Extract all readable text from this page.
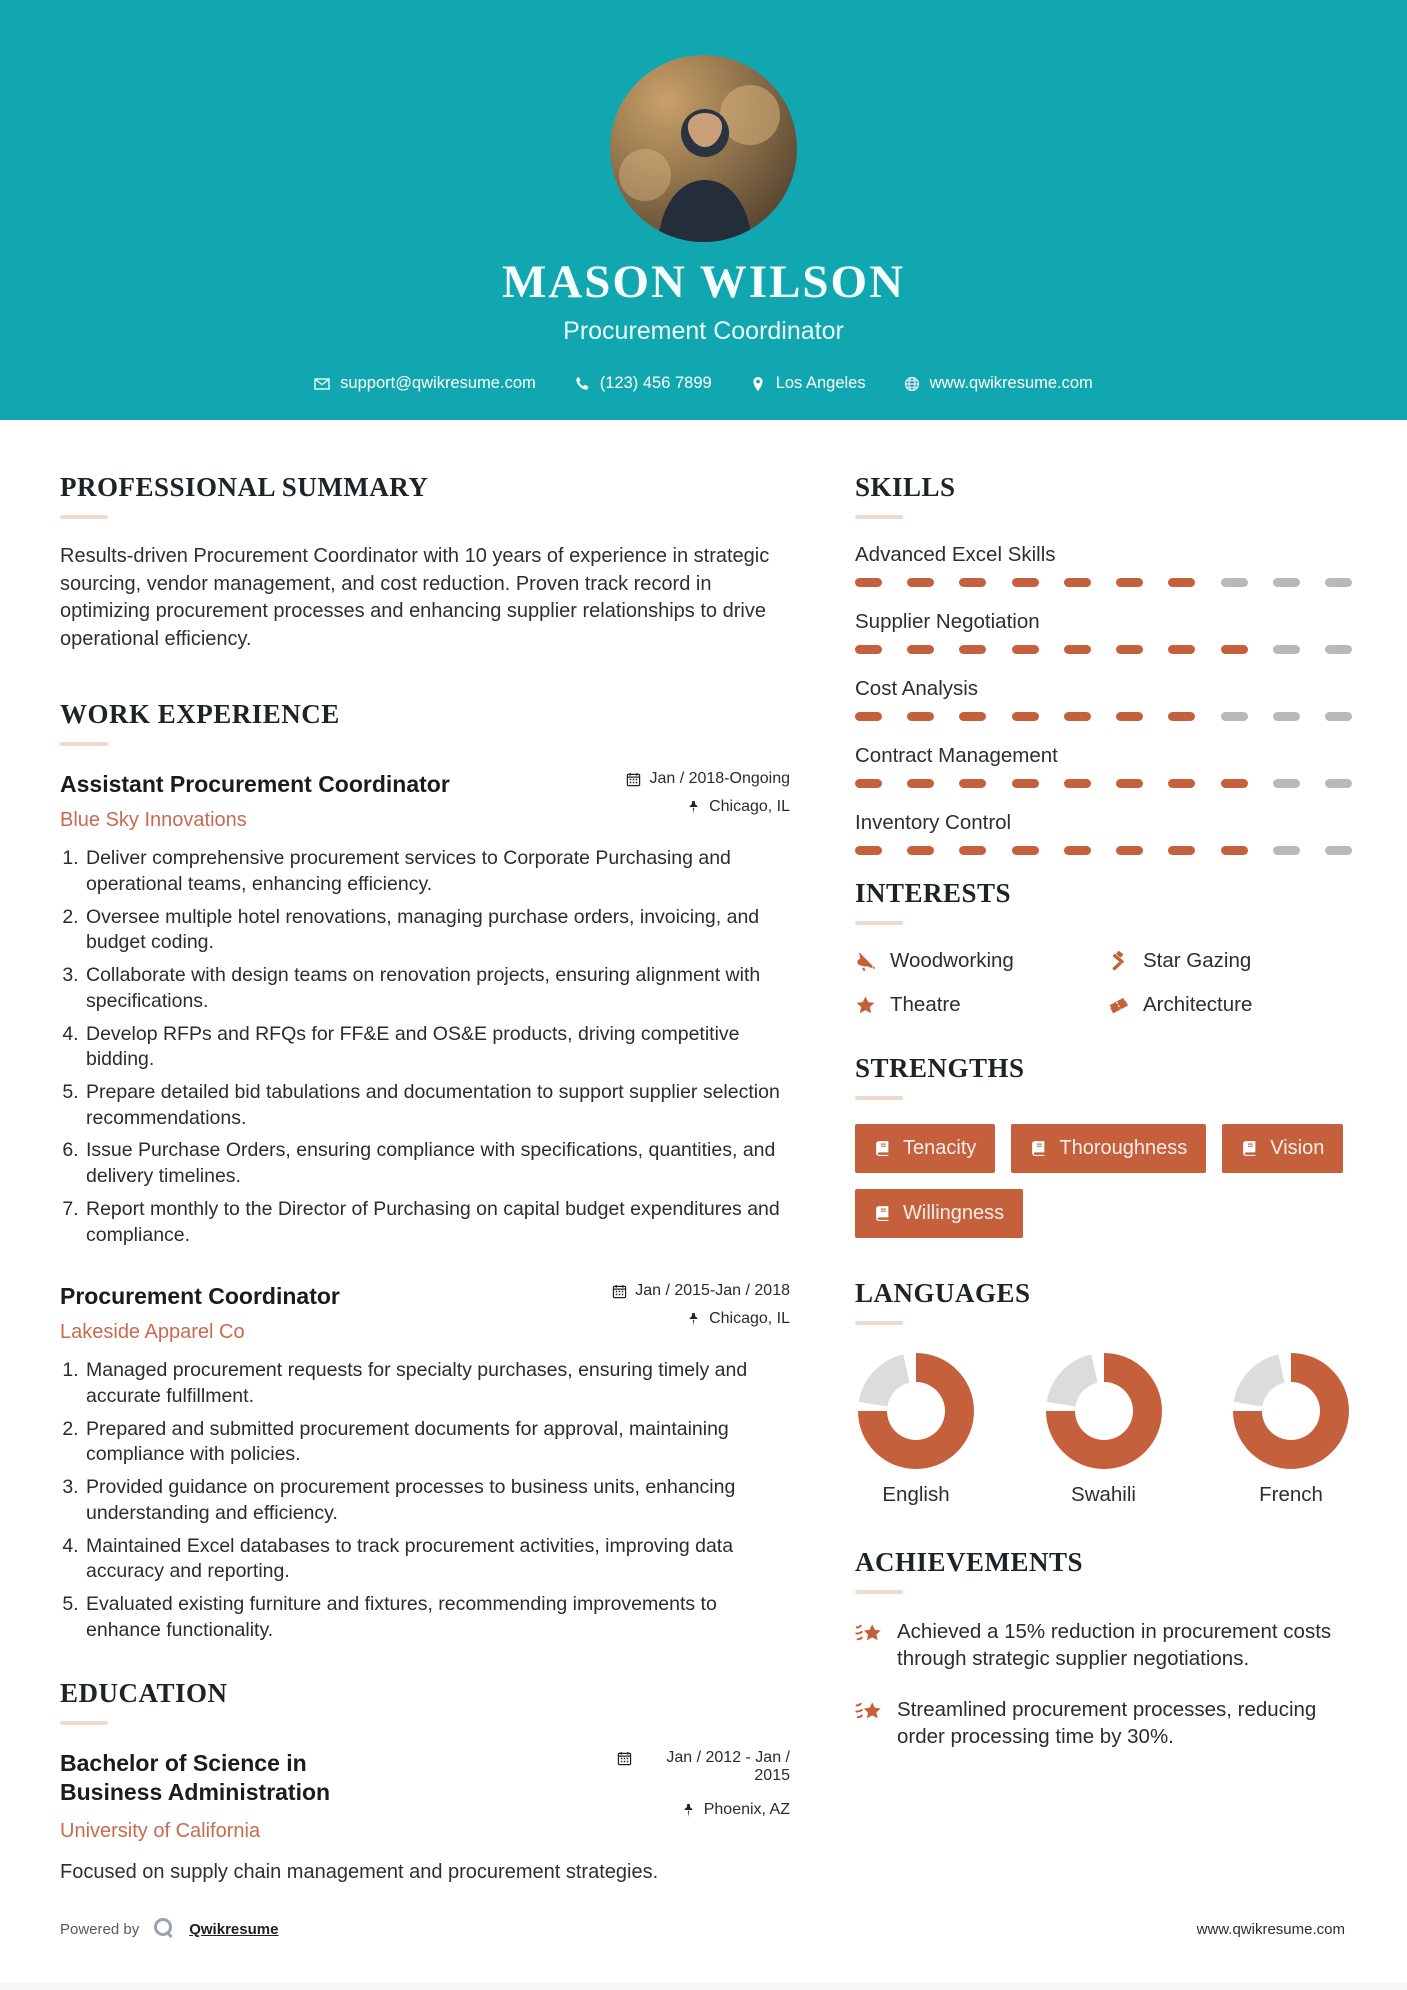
MASON WILSON
Procurement Coordinator
support@qwikresume.com	(123) 456 7899	Los Angeles	www.qwikresume.com
PROFESSIONAL SUMMARY

Results-driven Procurement Coordinator with 10 years of experience in strategic sourcing, vendor management, and cost reduction. Proven track record in optimizing procurement processes and enhancing supplier relationships to drive operational efficiency.

WORK EXPERIENCE
Assistant Procurement Coordinator
Blue Sky Innovations
Jan / 2018-Ongoing
Chicago, IL
1. Deliver comprehensive procurement services to Corporate Purchasing and operational teams, enhancing efficiency.
2. Oversee multiple hotel renovations, managing purchase orders, invoicing, and budget coding.
3. Collaborate with design teams on renovation projects, ensuring alignment with specifications.
4. Develop RFPs and RFQs for FF&E and OS&E products, driving competitive bidding.
5. Prepare detailed bid tabulations and documentation to support supplier selection recommendations.
6. Issue Purchase Orders, ensuring compliance with specifications, quantities, and delivery timelines.
7. Report monthly to the Director of Purchasing on capital budget expenditures and compliance.
Procurement Coordinator
Lakeside Apparel Co
Jan / 2015-Jan / 2018
Chicago, IL
1. Managed procurement requests for specialty purchases, ensuring timely and accurate fulfillment.
2. Prepared and submitted procurement documents for approval, maintaining compliance with policies.
3. Provided guidance on procurement processes to business units, enhancing understanding and efficiency.
4. Maintained Excel databases to track procurement activities, improving data accuracy and reporting.
5. Evaluated existing furniture and fixtures, recommending improvements to enhance functionality.
EDUCATION
Bachelor of Science in Business Administration
University of California
Jan / 2012 - Jan / 2015
Phoenix, AZ

Focused on supply chain management and procurement strategies.

SKILLS
Advanced Excel Skills
Supplier Negotiation
Cost Analysis
Contract Management
Inventory Control
INTERESTS
Woodworking	Star Gazing
Theatre	Architecture
STRENGTHS
Tenacity	Thoroughness	Vision
Willingness
LANGUAGES
English	Swahili	French
ACHIEVEMENTS
Achieved a 15% reduction in procurement costs through strategic supplier negotiations.
Streamlined procurement processes, reducing order processing time by 30%.
Powered by	Qwikresume	www.qwikresume.com
